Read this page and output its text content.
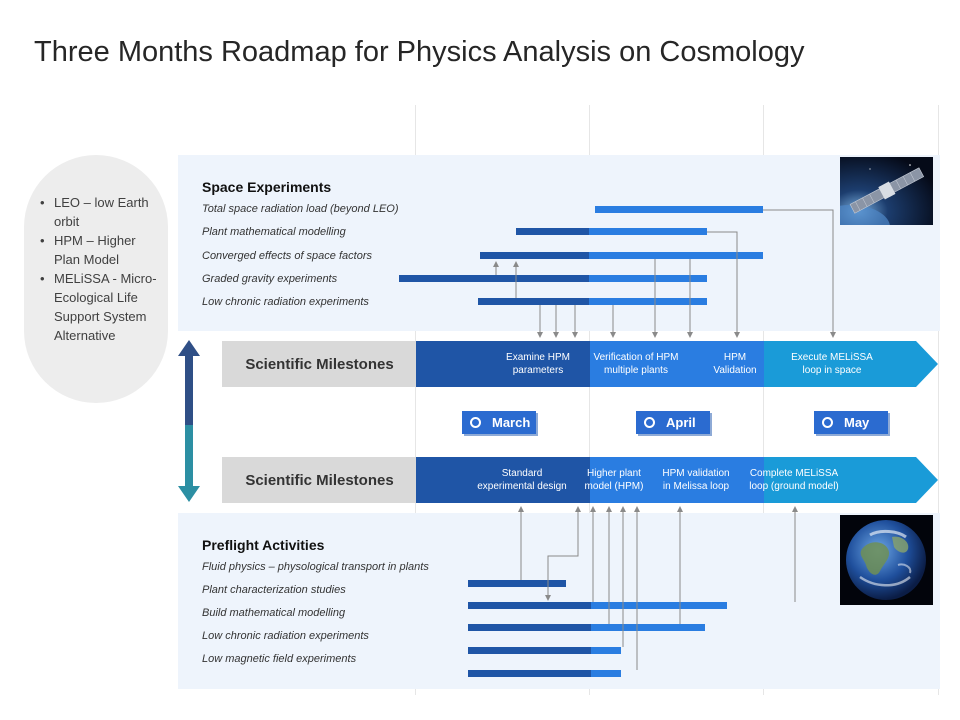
Three Months Roadmap for Physics Analysis on Cosmology
• LEO – low Earth orbit
• HPM – Higher Plan Model
• MELiSSA - Micro-Ecological Life Support System Alternative
Space Experiments
Total space radiation load (beyond LEO)
Plant mathematical modelling
Converged effects of space factors
Graded gravity experiments
Low chronic radiation experiments
Scientific Milestones	Examine HPM
parameters
Verification of HPM
multiple plants
HPM
Validation
Execute MELiSSA
loop in space
March	April	May
Scientific Milestones	Standard
experimental design
Higher plant
model (HPM)
HPM validation
in Melissa loop
Complete MELiSSA
loop (ground model)
Preflight Activities
Fluid physics – physological transport in plants
Plant characterization studies
Build mathematical modelling
Low chronic radiation experiments
Low magnetic field experiments
